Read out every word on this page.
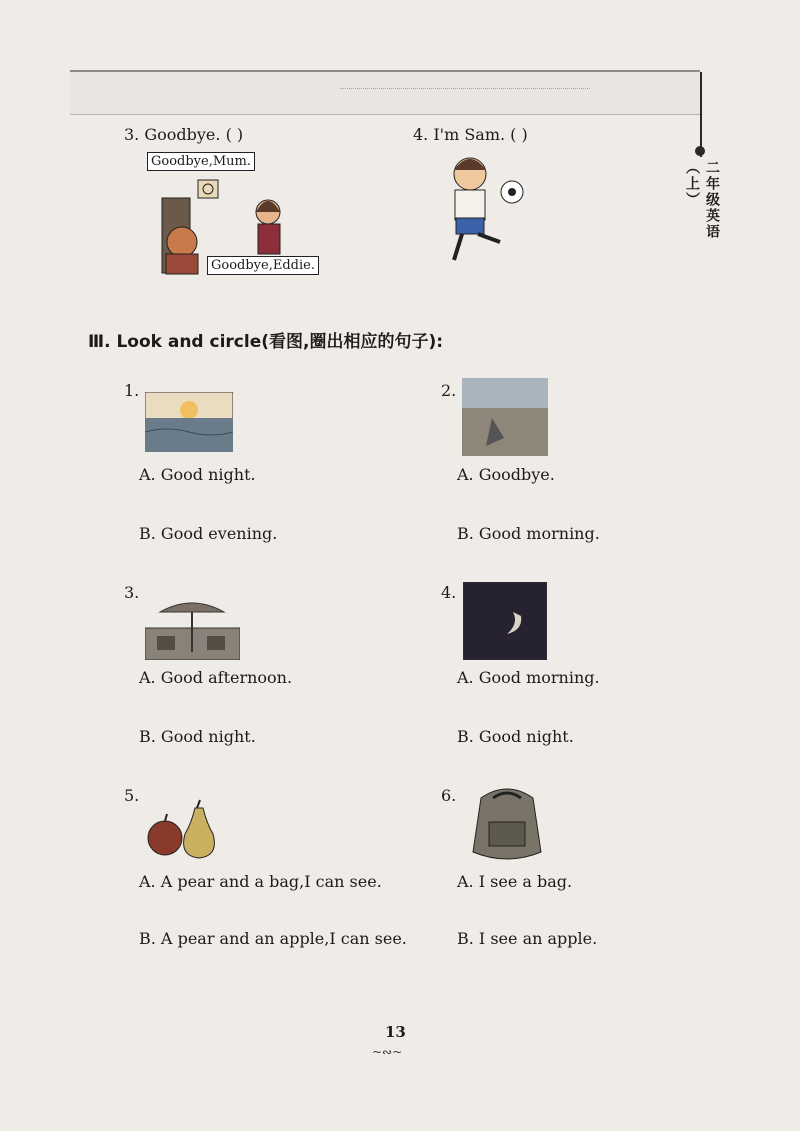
二年级英语（上）
3. Goodbye. ( )	4. I'm Sam. ( )
Goodbye,Mum.
Goodbye,Eddie.
Ⅲ. Look and circle(看图,圈出相应的句子):
1.
A. Good night.
B. Good evening.
2.
A. Goodbye.
B. Good morning.
3.
A. Good afternoon.
B. Good night.
4.
A. Good morning.
B. Good night.
5.
A. A pear and a bag,I can see.
B. A pear and an apple,I can see.
6.
A. I see a bag.
B. I see an apple.
13
~∾~
